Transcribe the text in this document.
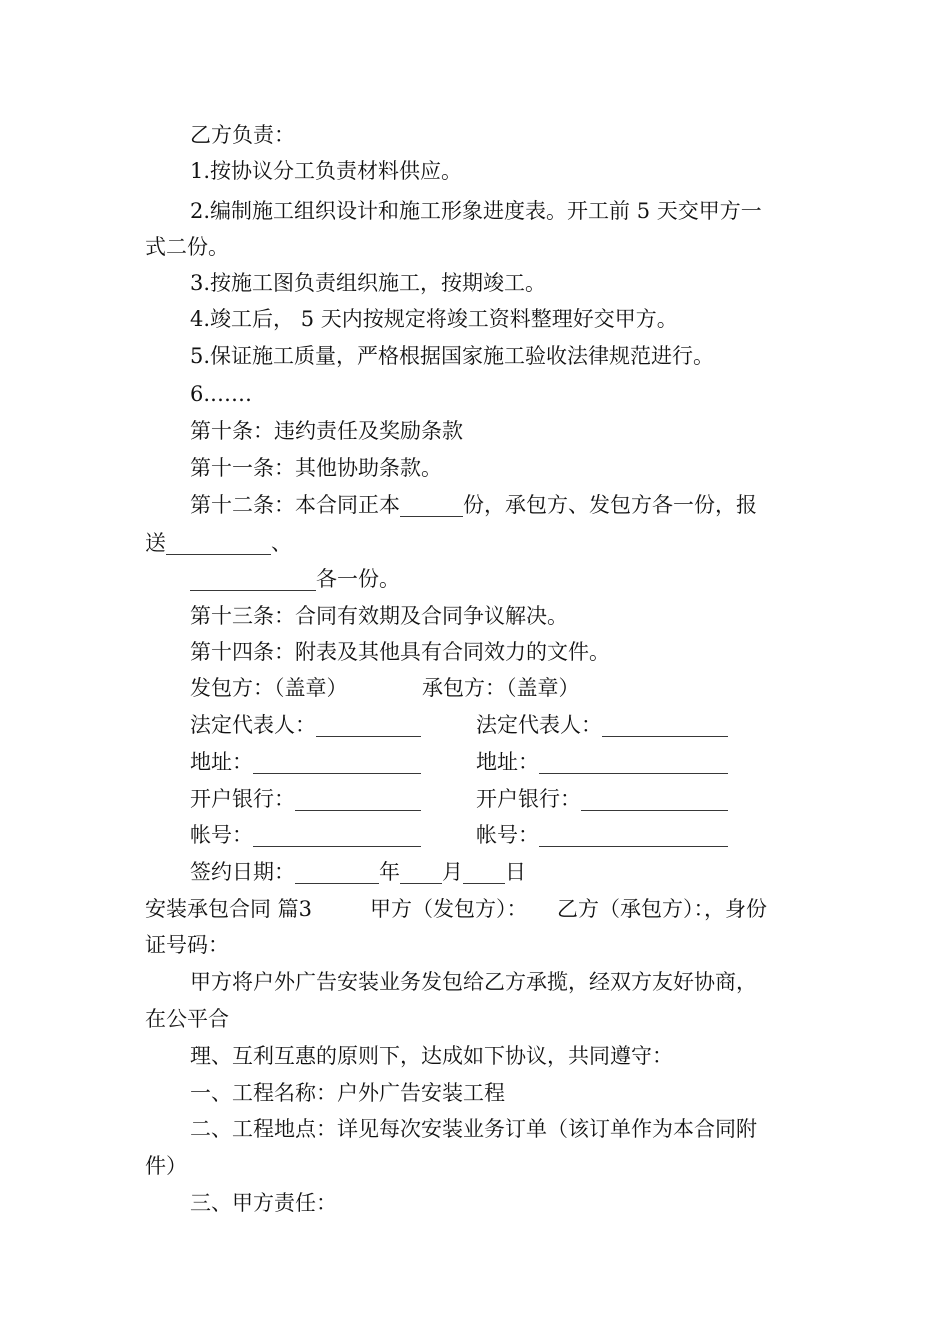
乙方负责：
1.按协议分工负责材料供应。
2.编制施工组织设计和施工形象进度表。开工前 5 天交甲方一
式二份。
3.按施工图负责组织施工，按期竣工。
4.竣工后， 5 天内按规定将竣工资料整理好交甲方。
5.保证施工质量，严格根据国家施工验收法律规范进行。
6.……
第十条：违约责任及奖励条款
第十一条：其他协助条款。
第十二条：本合同正本______份，承包方、发包方各一份，报
送__________、
____________各一份。
第十三条：合同有效期及合同争议解决。
第十四条：附表及其他具有合同效力的文件。
发包方：（盖章）	承包方：（盖章）
法定代表人：__________	法定代表人：____________
地址：________________	地址：__________________
开户银行：____________	开户银行：______________
帐号：________________	帐号：__________________
签约日期：________年____月____日
安装承包合同 篇3	甲方（发包方）： 乙方（承包方）：，身份
证号码：
甲方将户外广告安装业务发包给乙方承揽，经双方友好协商，
在公平合
理、互利互惠的原则下，达成如下协议，共同遵守：
一、工程名称：户外广告安装工程
二、工程地点：详见每次安装业务订单（该订单作为本合同附
件）
三、甲方责任：
